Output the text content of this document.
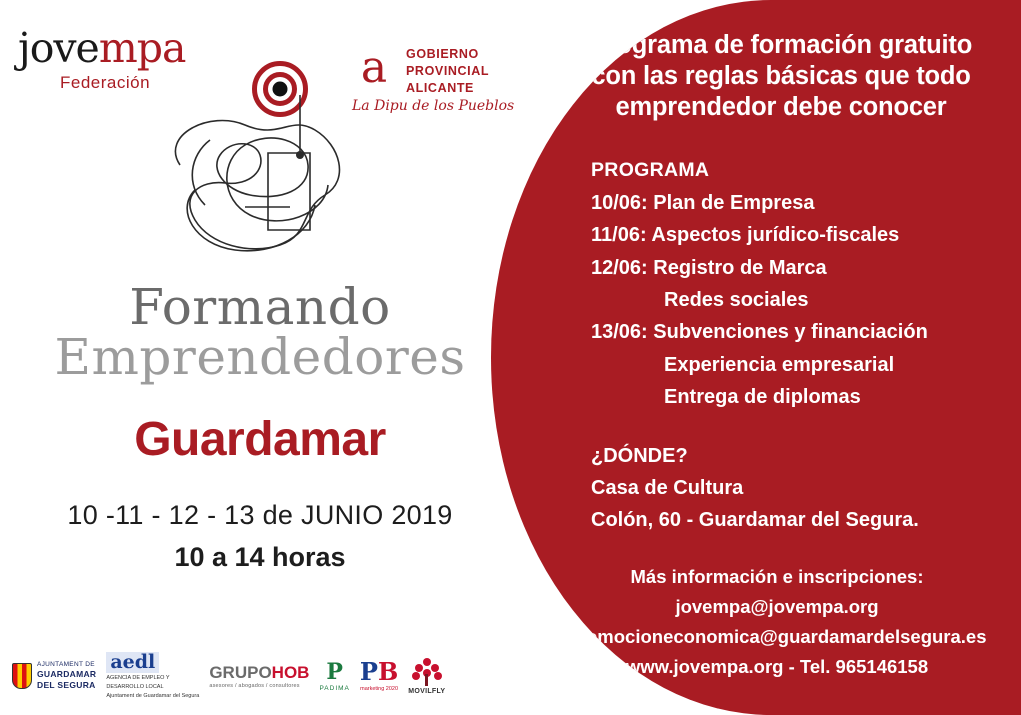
jovempa
Federación	a	GOBIERNO
PROVINCIAL
ALICANTE
La Dipu de los Pueblos
Formando
Emprendedores
Guardamar
10 -11 - 12 - 13 de JUNIO 2019
10 a 14 horas
AJUNTAMENT DE
GUARDAMAR
DEL SEGURA
aedl
AGENCIA DE EMPLEO Y
DESARROLLO LOCAL
Ajuntament de Guardamar del Segura
GRUPOHOB
asesores / abogados / consultores
P
PADIMA
PB
marketing 2020 MOVILFLY
Programa de formación gratuito
con las reglas básicas que todo
emprendedor debe conocer
PROGRAMA
10/06: Plan de Empresa
11/06: Aspectos jurídico-fiscales
12/06: Registro de Marca
Redes sociales
13/06: Subvenciones y financiación
Experiencia empresarial
Entrega de diplomas
¿DÓNDE?
Casa de Cultura
Colón, 60 - Guardamar del Segura.
Más información e inscripciones:
jovempa@jovempa.org
promocioneconomica@guardamardelsegura.es
www.jovempa.org - Tel. 965146158
